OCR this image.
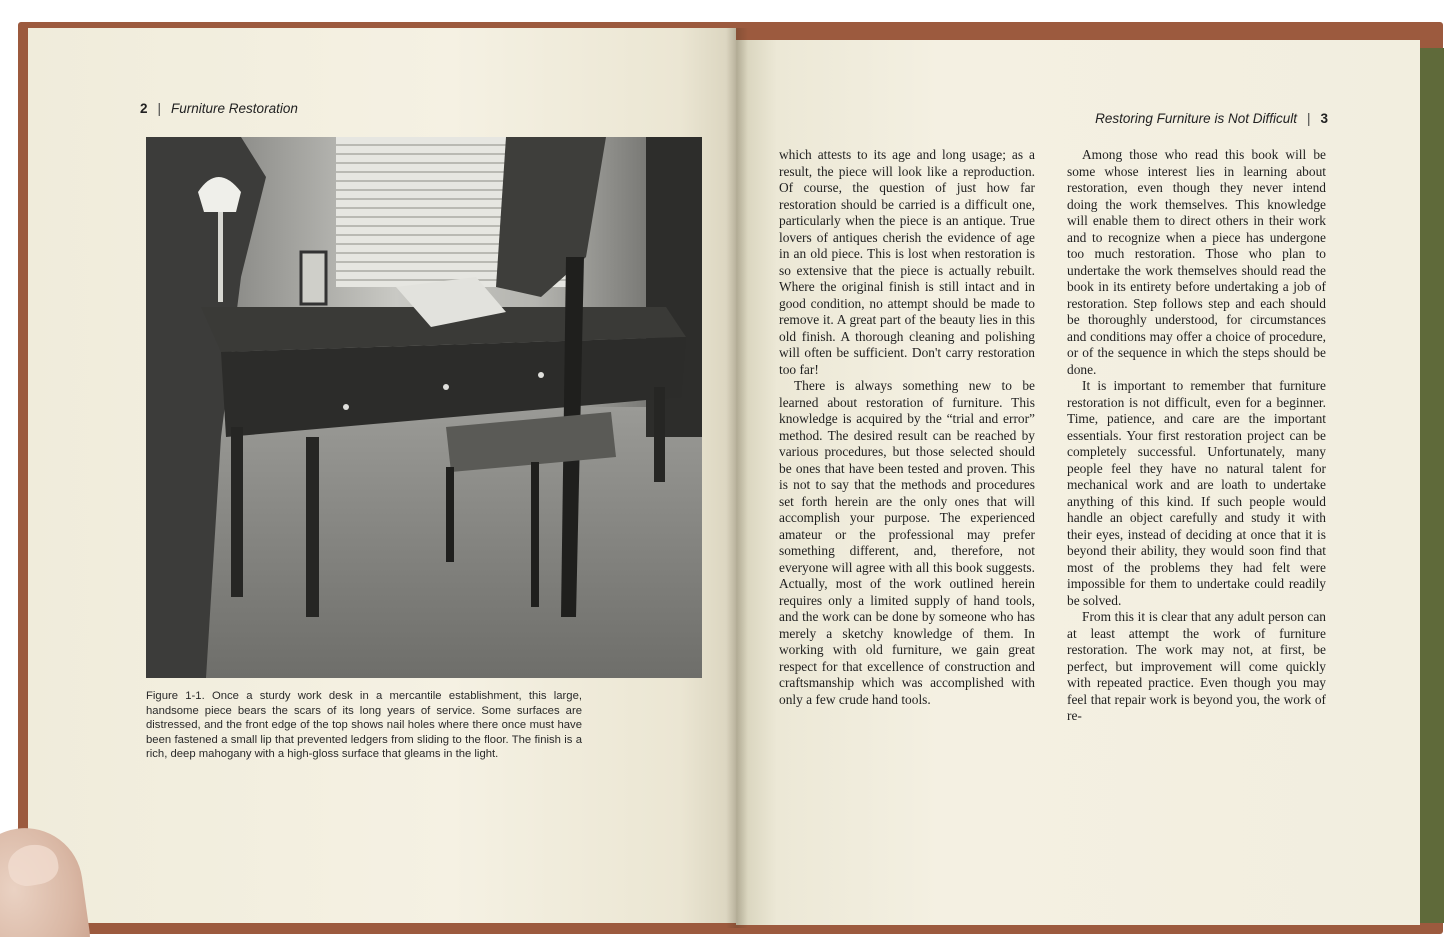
2 | Furniture Restoration
Figure 1-1. Once a sturdy work desk in a mercantile establishment, this large, handsome piece bears the scars of its long years of service. Some surfaces are distressed, and the front edge of the top shows nail holes where there once must have been fastened a small lip that prevented ledgers from sliding to the floor. The finish is a rich, deep mahogany with a high-gloss surface that gleams in the light.
Restoring Furniture is Not Difficult | 3

which attests to its age and long usage; as a result, the piece will look like a reproduction. Of course, the question of just how far restoration should be carried is a difficult one, particularly when the piece is an antique. True lovers of antiques cherish the evidence of age in an old piece. This is lost when restoration is so extensive that the piece is actually rebuilt. Where the original finish is still intact and in good condition, no attempt should be made to remove it. A great part of the beauty lies in this old finish. A thorough cleaning and polishing will often be sufficient. Don't carry restoration too far!

There is always something new to be learned about restoration of furniture. This knowledge is acquired by the “trial and error” method. The desired result can be reached by various procedures, but those selected should be ones that have been tested and proven. This is not to say that the methods and procedures set forth herein are the only ones that will accomplish your purpose. The experienced amateur or the professional may prefer something different, and, therefore, not everyone will agree with all this book suggests. Actually, most of the work outlined herein requires only a limited supply of hand tools, and the work can be done by someone who has merely a sketchy knowledge of them. In working with old furniture, we gain great respect for that excellence of construction and craftsmanship which was accomplished with only a few crude hand tools.

Among those who read this book will be some whose interest lies in learning about restoration, even though they never intend doing the work themselves. This knowledge will enable them to direct others in their work and to recognize when a piece has undergone too much restoration. Those who plan to undertake the work themselves should read the book in its entirety before undertaking a job of restoration. Step follows step and each should be thoroughly understood, for circumstances and conditions may offer a choice of procedure, or of the sequence in which the steps should be done.

It is important to remember that furniture restoration is not difficult, even for a beginner. Time, patience, and care are the important essentials. Your first restoration project can be completely successful. Unfortunately, many people feel they have no natural talent for mechanical work and are loath to undertake anything of this kind. If such people would handle an object carefully and study it with their eyes, instead of deciding at once that it is beyond their ability, they would soon find that most of the problems they had felt were impossible for them to undertake could readily be solved.

From this it is clear that any adult person can at least attempt the work of furniture restoration. The work may not, at first, be perfect, but improvement will come quickly with repeated practice. Even though you may feel that repair work is beyond you, the work of re-
